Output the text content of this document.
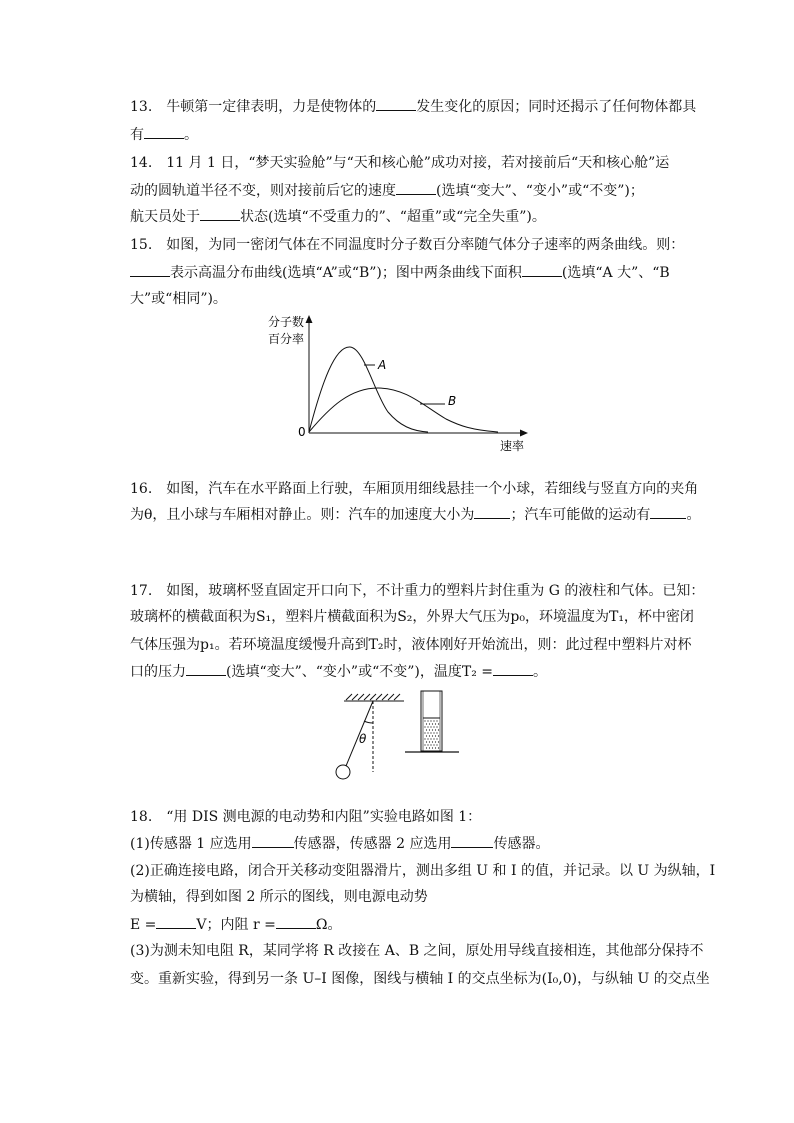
13.　牛顿第一定律表明，力是使物体的	发生变化的原因；同时还揭示了任何物体都具
有	。
14.　11 月 1 日，“梦天实验舱”与“天和核心舱”成功对接，若对接前后“天和核心舱”运
动的圆轨道半径不变，则对接前后它的速度	(选填“变大”、“变小”或“不变”)；
航天员处于	状态(选填“不受重力的”、“超重”或“完全失重”)。
15.　如图，为同一密闭气体在不同温度时分子数百分率随气体分子速率的两条曲线。则：
表示高温分布曲线(选填“A”或“B”)；图中两条曲线下面积	(选填“A 大”、“B
大”或“相同”)。
分子数
百分率
0
速率
A
B
16.　如图，汽车在水平路面上行驶，车厢顶用细线悬挂一个小球，若细线与竖直方向的夹角
为θ，且小球与车厢相对静止。则：汽车的加速度大小为	；汽车可能做的运动有	。
17.　如图，玻璃杯竖直固定开口向下，不计重力的塑料片封住重为 G 的液柱和气体。已知：
玻璃杯的横截面积为S₁，塑料片横截面积为S₂，外界大气压为p₀，环境温度为T₁，杯中密闭
气体压强为p₁。若环境温度缓慢升高到T₂时，液体刚好开始流出，则：此过程中塑料片对杯
口的压力	(选填“变大”、“变小”或“不变”)，温度T₂ =	。
θ
18.　“用 DIS 测电源的电动势和内阻”实验电路如图 1：
(1)传感器 1 应选用	传感器，传感器 2 应选用	传感器。
(2)正确连接电路，闭合开关移动变阻器滑片，测出多组 U 和 I 的值，并记录。以 U 为纵轴，I
为横轴，得到如图 2 所示的图线，则电源电动势
E =	V；内阻 r =	Ω。
(3)为测未知电阻 R，某同学将 R 改接在 A、B 之间，原处用导线直接相连，其他部分保持不
变。重新实验，得到另一条 U–I 图像，图线与横轴 I 的交点坐标为(I₀,0)，与纵轴 U 的交点坐
